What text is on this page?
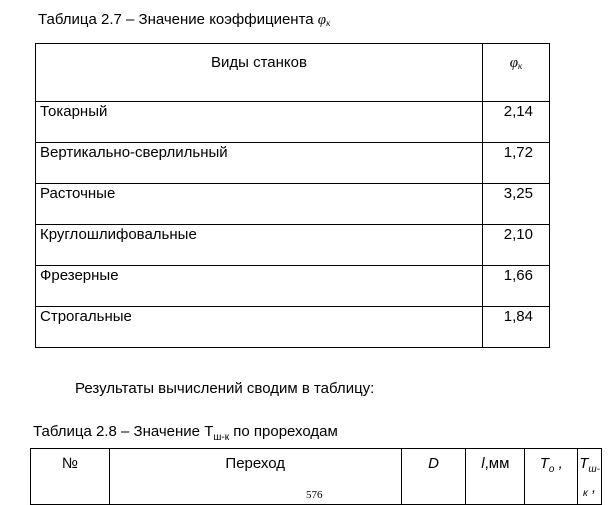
Таблица 2.7 – Значение коэффициента $\varphi_к$
Виды станков	$\varphi_к$
Токарный	2,14
Вертикально-сверлильный	1,72
Расточные	3,25
Круглошлифовальные	2,10
Фрезерные	1,66
Строгальные	1,84
Результаты вычислений сводим в таблицу:
Таблица 2.8 – Значение $Т_{ш-к}$ по прореходам
№	Переход	D	l,мм	$T_o$ ,	$T_{ш-к}$ ,
576
